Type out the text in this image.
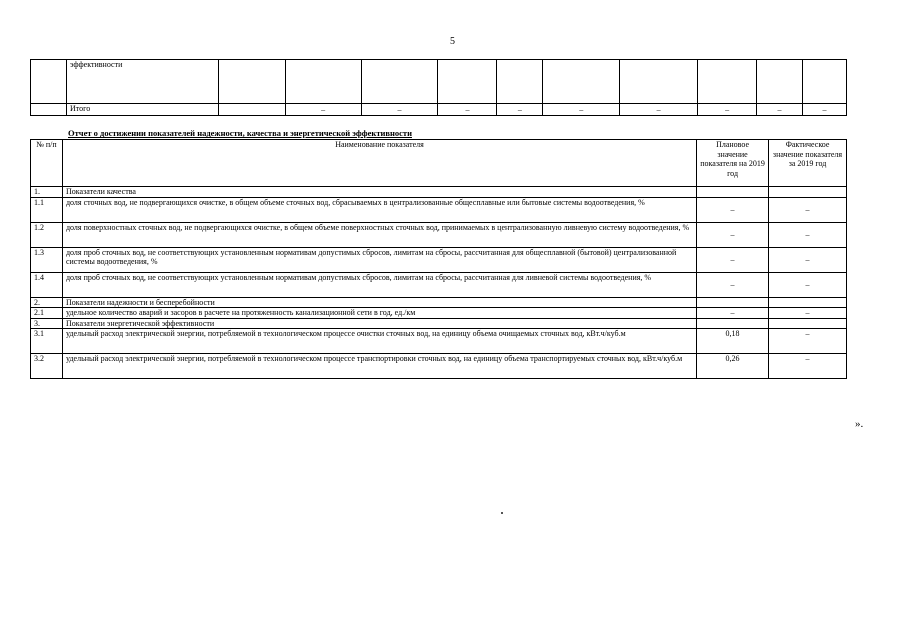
5
	эффективности										
	Итого		–	–	–	–	–	–	–	–	–
Отчет о достижении показателей надежности, качества и энергетической эффективности
№ п/п	Наименование показателя	Плановое значение показателя на 2019 год	Фактическое значение показателя за 2019 год
1.	Показатели качества		
1.1	доля сточных вод, не подвергающихся очистке, в общем объеме сточных вод, сбрасываемых в централизованные общесплавные или бытовые системы водоотведения, %	–	–
1.2	доля поверхностных сточных вод, не подвергающихся очистке, в общем объеме поверхностных сточных вод, принимаемых в централизованную ливневую систему водоотведения, %	–	–
1.3	доля проб сточных вод, не соответствующих установленным нормативам допустимых сбросов, лимитам на сбросы, рассчитанная для общесплавной (бытовой) централизованной системы водоотведения, %	–	–
1.4	доля проб сточных вод, не соответствующих установленным нормативам допустимых сбросов, лимитам на сбросы, рассчитанная для ливневой системы водоотведения, %	–	–
2.	Показатели надежности и бесперебойности		
2.1	удельное количество аварий и засоров в расчете на протяженность канализационной сети в год, ед./км	–	–
3.	Показатели энергетической эффективности		
3.1	удельный расход электрической энергии, потребляемой в технологическом процессе очистки сточных вод, на единицу объема очищаемых сточных вод, кВт.ч/куб.м	0,18	–
3.2	удельный расход электрической энергии, потребляемой в технологическом процессе транспортировки сточных вод, на единицу объема транспортируемых сточных вод, кВт.ч/куб.м	0,26	–
».
